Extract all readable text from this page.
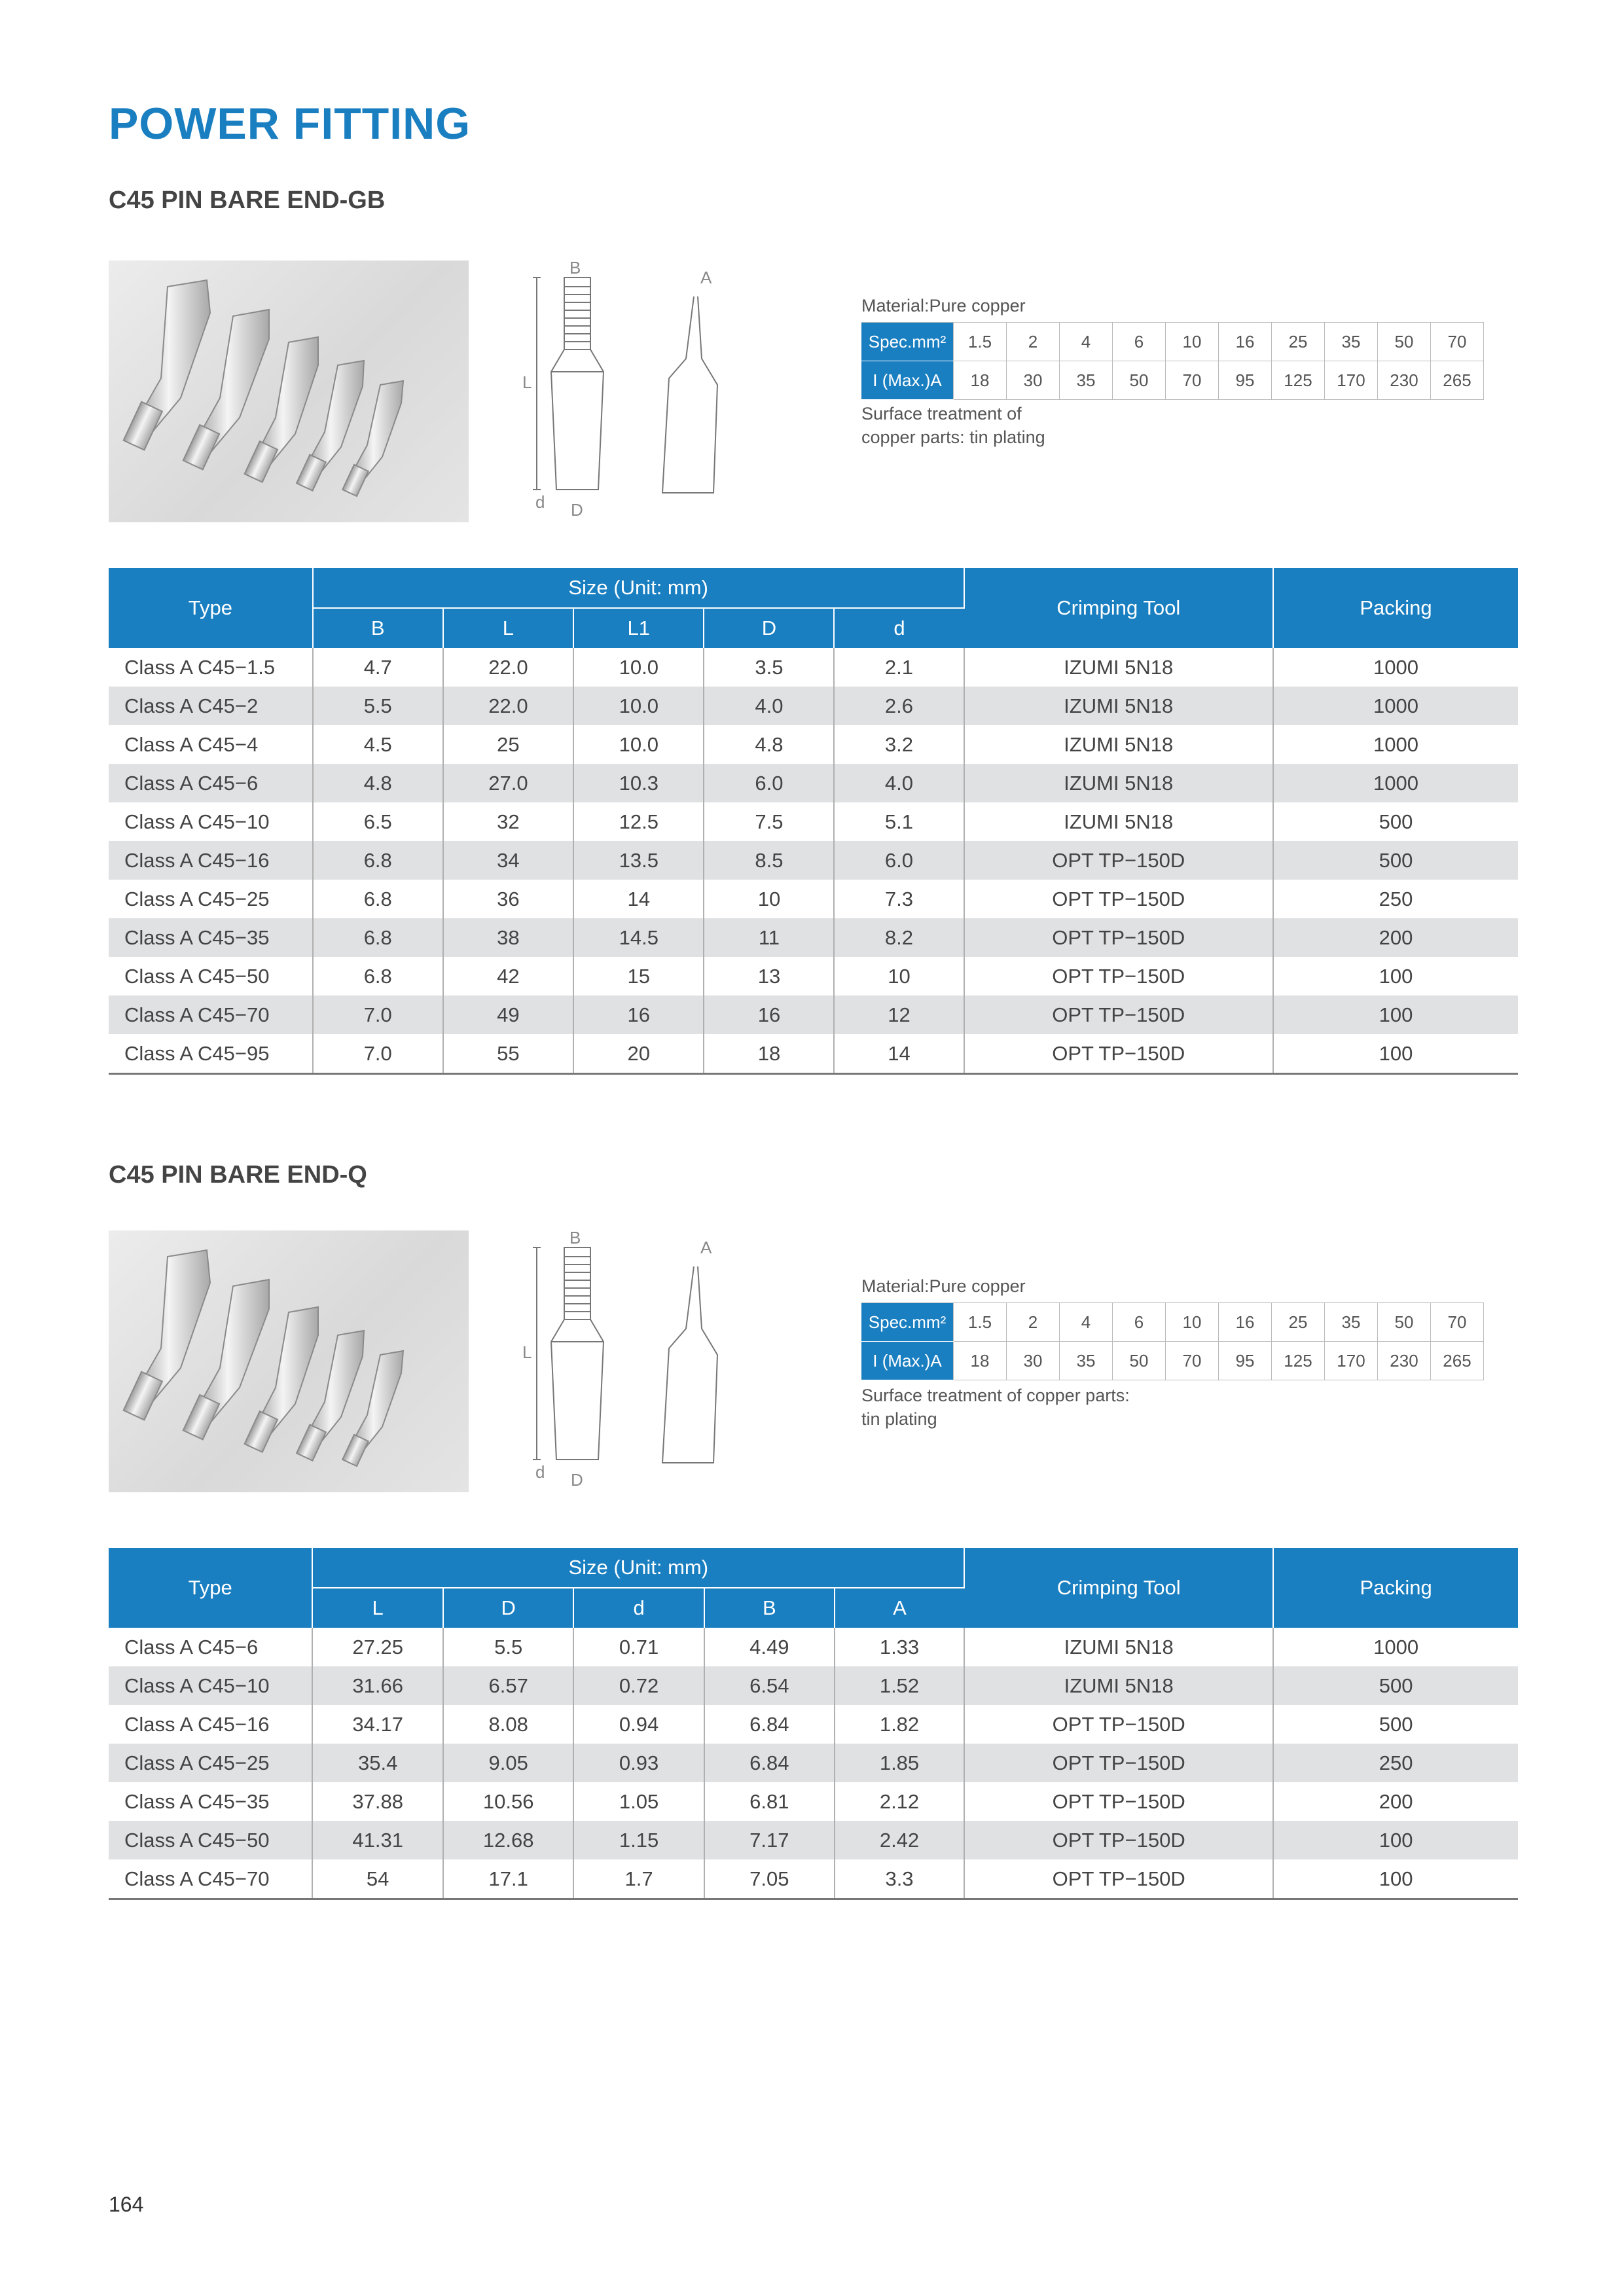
POWER FITTING
C45 PIN BARE END-GB
B	A
L
d D
Material:Pure copper
Spec.mm²	1.5	2	4	6	10	16	25	35	50	70
I (Max.)A	18	30	35	50	70	95	125	170	230	265
Surface treatment of
copper parts: tin plating
Type	Size (Unit: mm)					Crimping Tool	Packing
	B	L	L1	D	d		
Class A C45−1.5	4.7	22.0	10.0	3.5	2.1	IZUMI 5N18	1000
Class A C45−2	5.5	22.0	10.0	4.0	2.6	IZUMI 5N18	1000
Class A C45−4	4.5	25	10.0	4.8	3.2	IZUMI 5N18	1000
Class A C45−6	4.8	27.0	10.3	6.0	4.0	IZUMI 5N18	1000
Class A C45−10	6.5	32	12.5	7.5	5.1	IZUMI 5N18	500
Class A C45−16	6.8	34	13.5	8.5	6.0	OPT TP−150D	500
Class A C45−25	6.8	36	14	10	7.3	OPT TP−150D	250
Class A C45−35	6.8	38	14.5	11	8.2	OPT TP−150D	200
Class A C45−50	6.8	42	15	13	10	OPT TP−150D	100
Class A C45−70	7.0	49	16	16	12	OPT TP−150D	100
Class A C45−95	7.0	55	20	18	14	OPT TP−150D	100
C45 PIN BARE END-Q
B	A
L
d D
Material:Pure copper
Spec.mm²	1.5	2	4	6	10	16	25	35	50	70
I (Max.)A	18	30	35	50	70	95	125	170	230	265
Surface treatment of copper parts:
tin plating
Type	Size (Unit: mm)					Crimping Tool	Packing
	L	D	d	B	A		
Class A C45−6	27.25	5.5	0.71	4.49	1.33	IZUMI 5N18	1000
Class A C45−10	31.66	6.57	0.72	6.54	1.52	IZUMI 5N18	500
Class A C45−16	34.17	8.08	0.94	6.84	1.82	OPT TP−150D	500
Class A C45−25	35.4	9.05	0.93	6.84	1.85	OPT TP−150D	250
Class A C45−35	37.88	10.56	1.05	6.81	2.12	OPT TP−150D	200
Class A C45−50	41.31	12.68	1.15	7.17	2.42	OPT TP−150D	100
Class A C45−70	54	17.1	1.7	7.05	3.3	OPT TP−150D	100
164
